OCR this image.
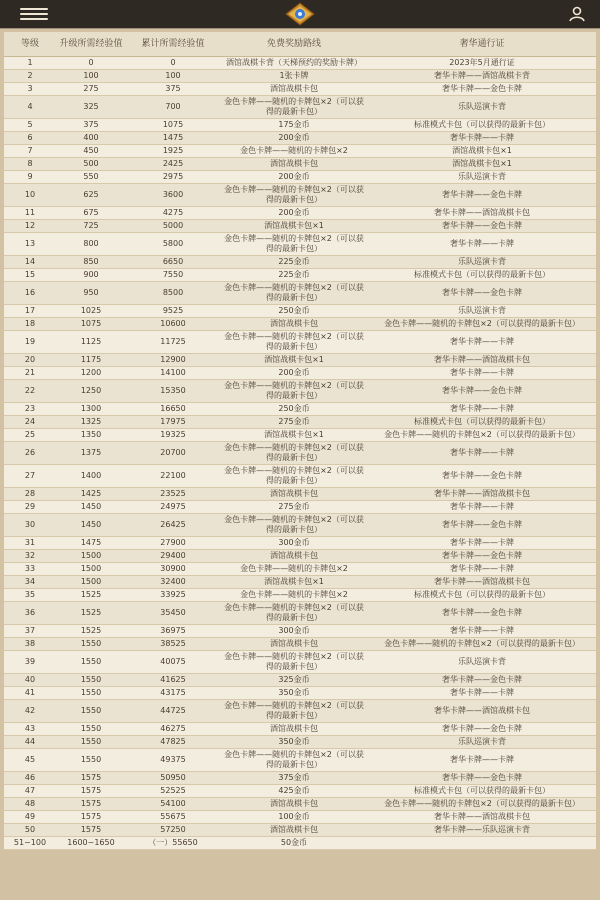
等级	升级所需经验值	累计所需经验值	免费奖励路线	奢华通行证
1	0	0	酒馆战棋卡背（天梯预约的奖励卡牌）	2023年5月通行证
2	100	100	1张卡牌	奢华卡牌——酒馆战棋卡背
3	275	375	酒馆战棋卡包	奢华卡牌——金色卡牌
4	325	700	金色卡牌——随机的卡牌包×2（可以获得的最新卡包）	乐队巡演卡背
5	375	1075	175金币	标准模式卡包（可以获得的最新卡包）
6	400	1475	200金币	奢华卡牌——卡牌
7	450	1925	金色卡牌——随机的卡牌包×2	酒馆战棋卡包×1
8	500	2425	酒馆战棋卡包	酒馆战棋卡包×1
9	550	2975	200金币	乐队巡演卡背
10	625	3600	金色卡牌——随机的卡牌包×2（可以获得的最新卡包）	奢华卡牌——金色卡牌
11	675	4275	200金币	奢华卡牌——酒馆战棋卡包
12	725	5000	酒馆战棋卡包×1	奢华卡牌——金色卡牌
13	800	5800	金色卡牌——随机的卡牌包×2（可以获得的最新卡包）	奢华卡牌——卡牌
14	850	6650	225金币	乐队巡演卡背
15	900	7550	225金币	标准模式卡包（可以获得的最新卡包）
16	950	8500	金色卡牌——随机的卡牌包×2（可以获得的最新卡包）	奢华卡牌——金色卡牌
17	1025	9525	250金币	乐队巡演卡背
18	1075	10600	酒馆战棋卡包	金色卡牌——随机的卡牌包×2（可以获得的最新卡包）
19	1125	11725	金色卡牌——随机的卡牌包×2（可以获得的最新卡包）	奢华卡牌——卡牌
20	1175	12900	酒馆战棋卡包×1	奢华卡牌——酒馆战棋卡包
21	1200	14100	200金币	奢华卡牌——卡牌
22	1250	15350	金色卡牌——随机的卡牌包×2（可以获得的最新卡包）	奢华卡牌——金色卡牌
23	1300	16650	250金币	奢华卡牌——卡牌
24	1325	17975	275金币	标准模式卡包（可以获得的最新卡包）
25	1350	19325	酒馆战棋卡包×1	金色卡牌——随机的卡牌包×2（可以获得的最新卡包）
26	1375	20700	金色卡牌——随机的卡牌包×2（可以获得的最新卡包）	奢华卡牌——卡牌
27	1400	22100	金色卡牌——随机的卡牌包×2（可以获得的最新卡包）	奢华卡牌——金色卡牌
28	1425	23525	酒馆战棋卡包	奢华卡牌——酒馆战棋卡包
29	1450	24975	275金币	奢华卡牌——卡牌
30	1450	26425	金色卡牌——随机的卡牌包×2（可以获得的最新卡包）	奢华卡牌——金色卡牌
31	1475	27900	300金币	奢华卡牌——卡牌
32	1500	29400	酒馆战棋卡包	奢华卡牌——金色卡牌
33	1500	30900	金色卡牌——随机的卡牌包×2	奢华卡牌——卡牌
34	1500	32400	酒馆战棋卡包×1	奢华卡牌——酒馆战棋卡包
35	1525	33925	金色卡牌——随机的卡牌包×2	标准模式卡包（可以获得的最新卡包）
36	1525	35450	金色卡牌——随机的卡牌包×2（可以获得的最新卡包）	奢华卡牌——金色卡牌
37	1525	36975	300金币	奢华卡牌——卡牌
38	1550	38525	酒馆战棋卡包	金色卡牌——随机的卡牌包×2（可以获得的最新卡包）
39	1550	40075	金色卡牌——随机的卡牌包×2（可以获得的最新卡包）	乐队巡演卡背
40	1550	41625	325金币	奢华卡牌——金色卡牌
41	1550	43175	350金币	奢华卡牌——卡牌
42	1550	44725	金色卡牌——随机的卡牌包×2（可以获得的最新卡包）	奢华卡牌——酒馆战棋卡包
43	1550	46275	酒馆战棋卡包	奢华卡牌——金色卡牌
44	1550	47825	350金币	乐队巡演卡背
45	1550	49375	金色卡牌——随机的卡牌包×2（可以获得的最新卡包）	奢华卡牌——卡牌
46	1575	50950	375金币	奢华卡牌——金色卡牌
47	1575	52525	425金币	标准模式卡包（可以获得的最新卡包）
48	1575	54100	酒馆战棋卡包	金色卡牌——随机的卡牌包×2（可以获得的最新卡包）
49	1575	55675	100金币	奢华卡牌——酒馆战棋卡包
50	1575	57250	酒馆战棋卡包	奢华卡牌——乐队巡演卡背
51~100	1600~1650	（一）55650	50金币	
